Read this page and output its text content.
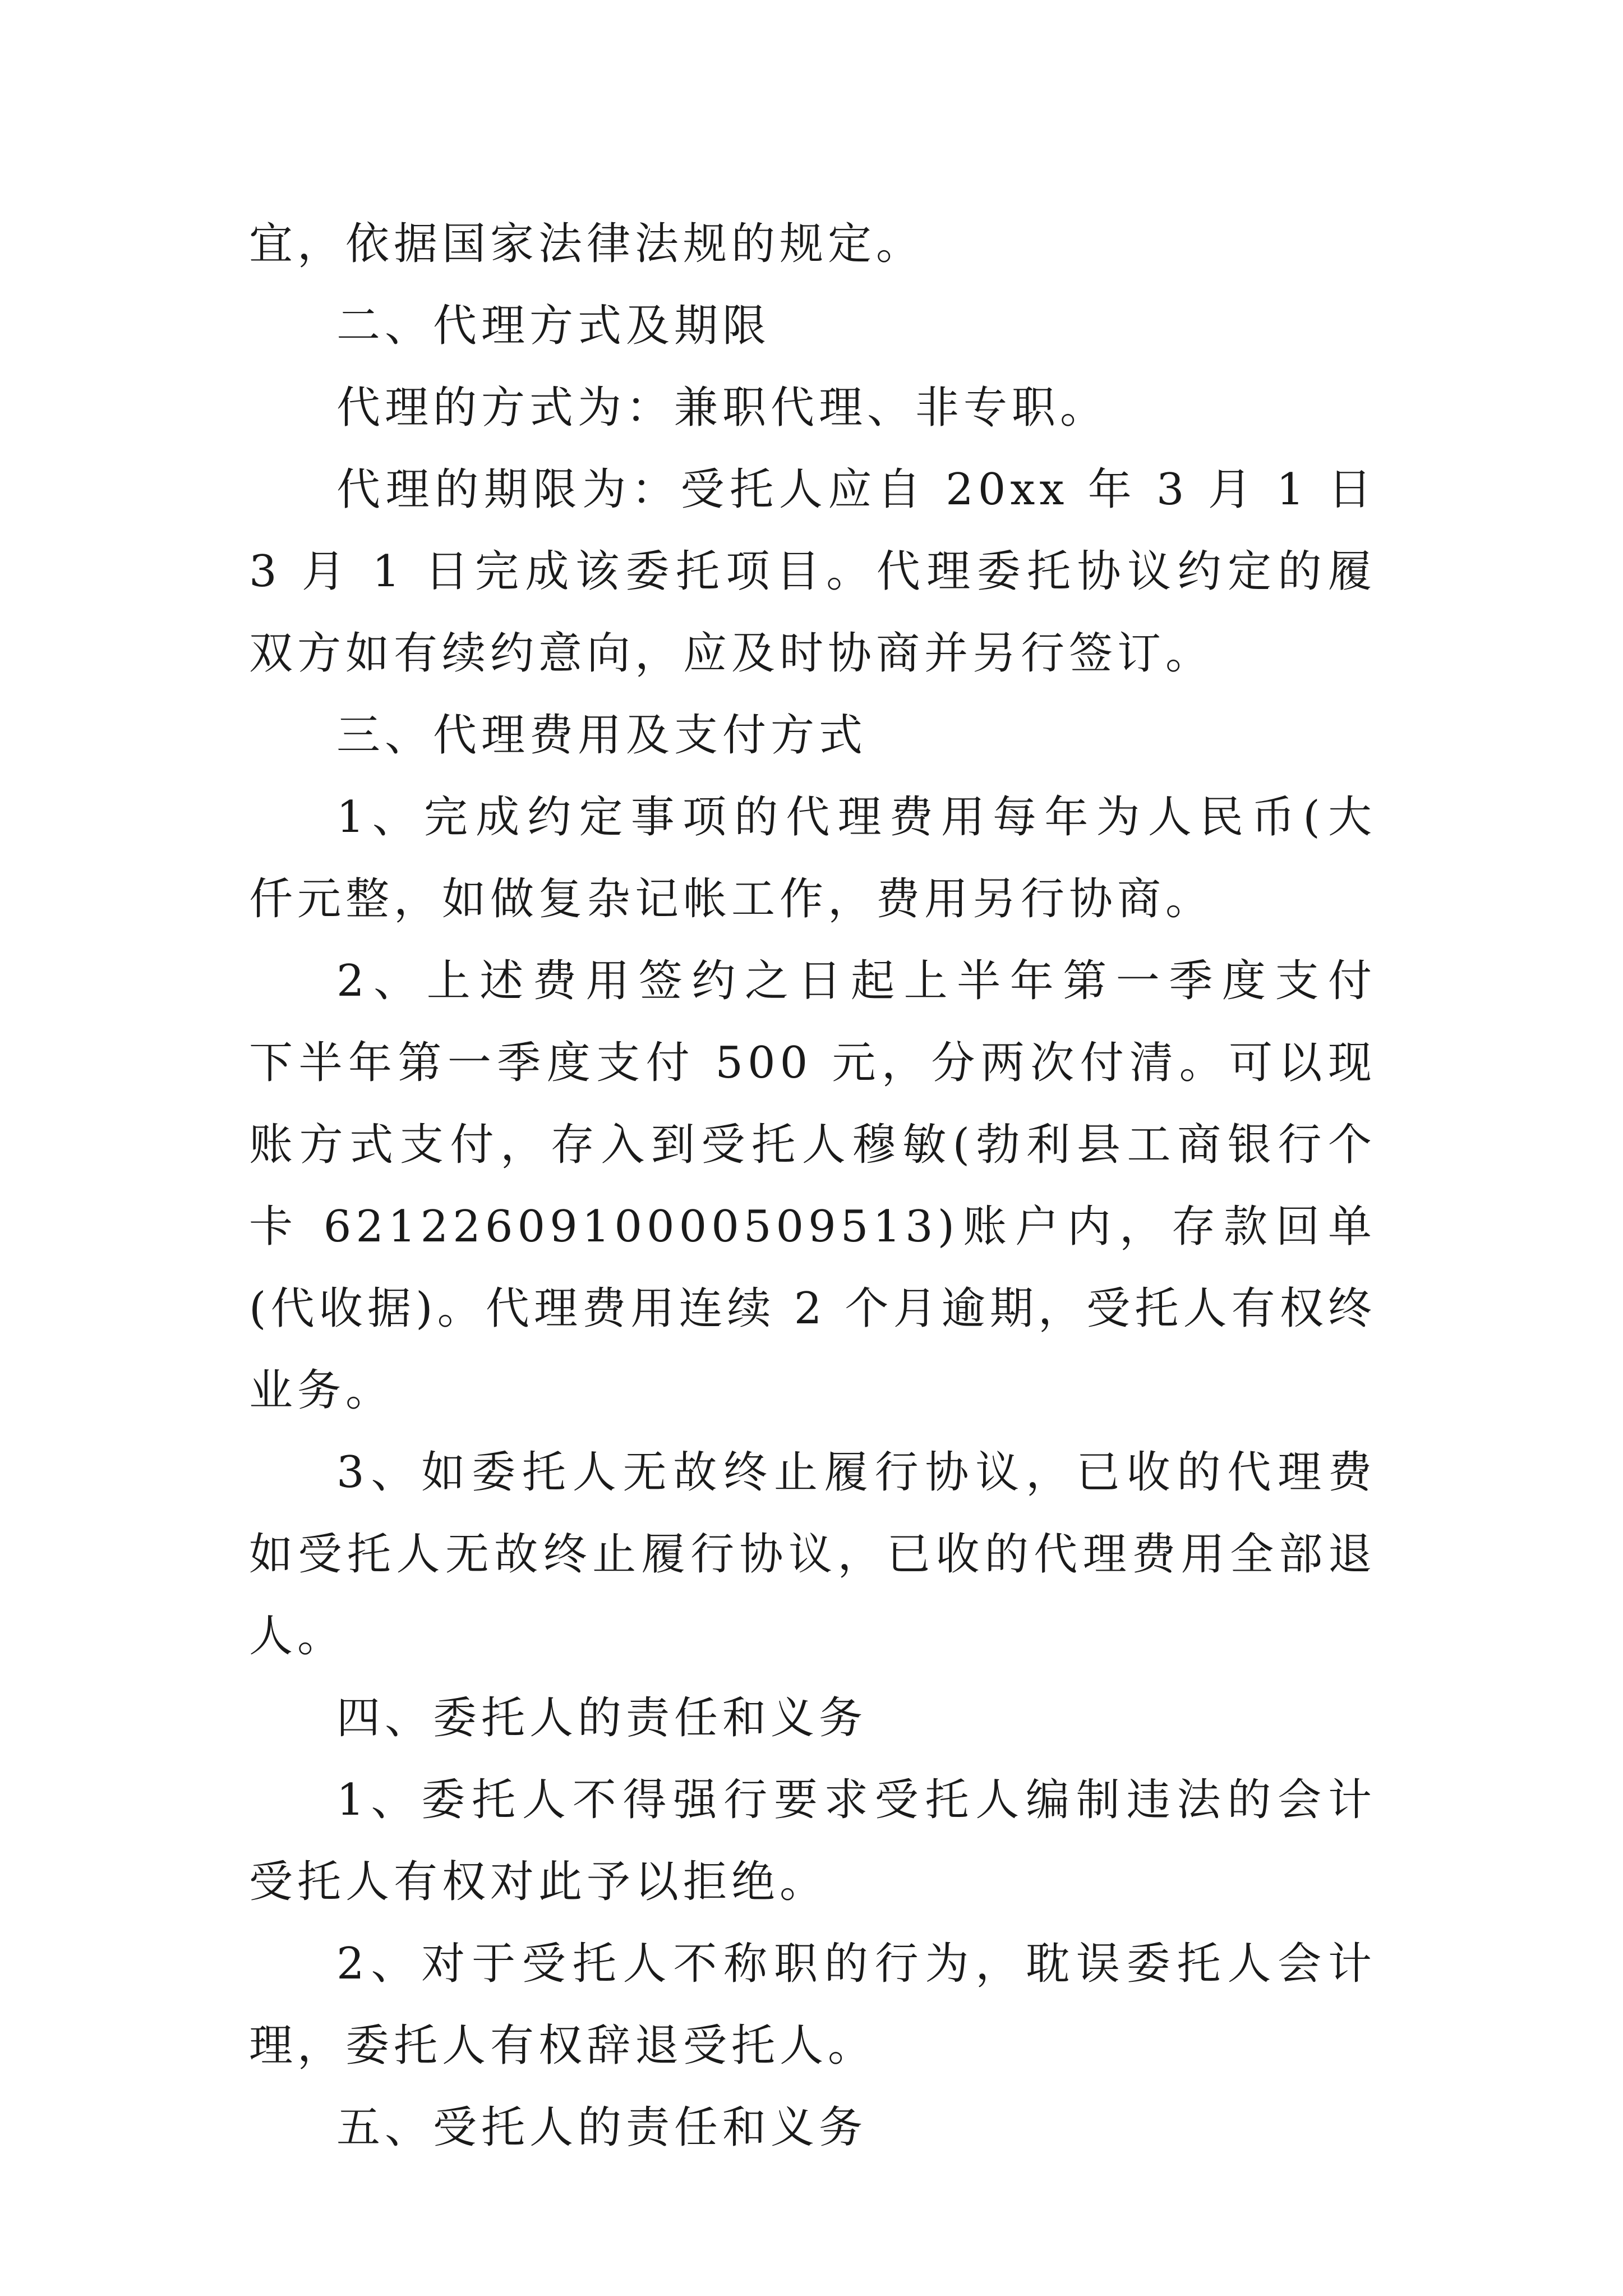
宜，依据国家法律法规的规定。
二、代理方式及期限
代理的方式为：兼职代理、非专职。
代理的期限为：受托人应自 20xx 年 3 月 1 日
3 月 1 日完成该委托项目。代理委托协议约定的履
双方如有续约意向，应及时协商并另行签订。
三、代理费用及支付方式
1、完成约定事项的代理费用每年为人民币(大
仟元整，如做复杂记帐工作，费用另行协商。
2、上述费用签约之日起上半年第一季度支付
下半年第一季度支付 500 元，分两次付清。可以现
账方式支付，存入到受托人穆敏(勃利县工商银行个
卡 6212260910000509513)账户内，存款回单
(代收据)。代理费用连续 2 个月逾期，受托人有权终
业务。
3、如委托人无故终止履行协议，已收的代理费
如受托人无故终止履行协议，已收的代理费用全部退
人。
四、委托人的责任和义务
1、委托人不得强行要求受托人编制违法的会计
受托人有权对此予以拒绝。
2、对于受托人不称职的行为，耽误委托人会计
理，委托人有权辞退受托人。
五、受托人的责任和义务
